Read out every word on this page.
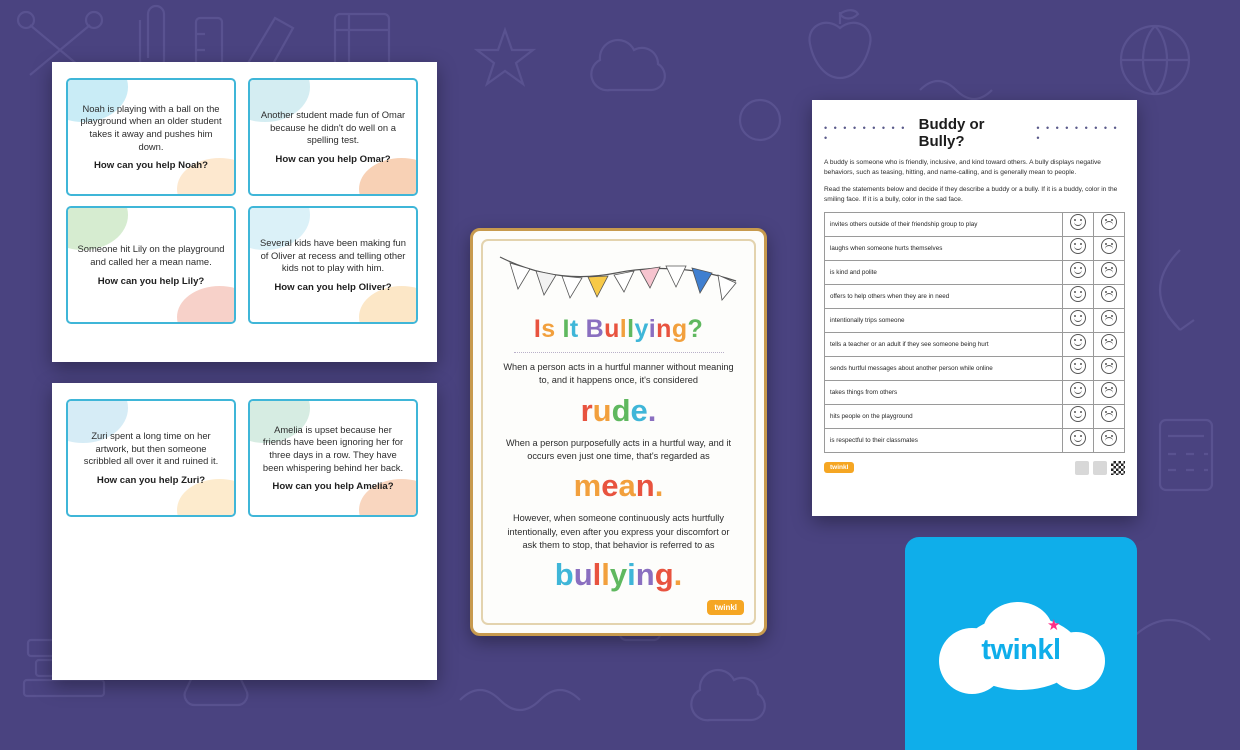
Noah is playing with a ball on the playground when an older student takes it away and pushes him down.

How can you help Noah?

Another student made fun of Omar because he didn't do well on a spelling test.

How can you help Omar?

Someone hit Lily on the playground and called her a mean name.

How can you help Lily?

Several kids have been making fun of Oliver at recess and telling other kids not to play with him.

How can you help Oliver?

Zuri spent a long time on her artwork, but then someone scribbled all over it and ruined it.

How can you help Zuri?

Amelia is upset because her friends have been ignoring her for three days in a row. They have been whispering behind her back.

How can you help Amelia?

Is It Bullying?

When a person acts in a hurtful manner without meaning to, and it happens once, it's considered

rude.

When a person purposefully acts in a hurtful way, and it occurs even just one time, that's regarded as

mean.

However, when someone continuously acts hurtfully intentionally, even after you express your discomfort or ask them to stop, that behavior is referred to as

bullying.
twinkl
• • • • • • • • • •
Buddy or Bully?
• • • • • • • • • •

A buddy is someone who is friendly, inclusive, and kind toward others. A bully displays negative behaviors, such as teasing, hitting, and name-calling, and is generally mean to people.

Read the statements below and decide if they describe a buddy or a bully. If it is a buddy, color in the smiling face. If it is a bully, color in the sad face.

invites others outside of their friendship group to play	

laughs when someone hurts themselves	

is kind and polite	

offers to help others when they are in need	

intentionally trips someone	

tells a teacher or an adult if they see someone being hurt	

sends hurtful messages about another person while online	

takes things from others	

hits people on the playground	

is respectful to their classmates	

twinkl
★
twinkl
